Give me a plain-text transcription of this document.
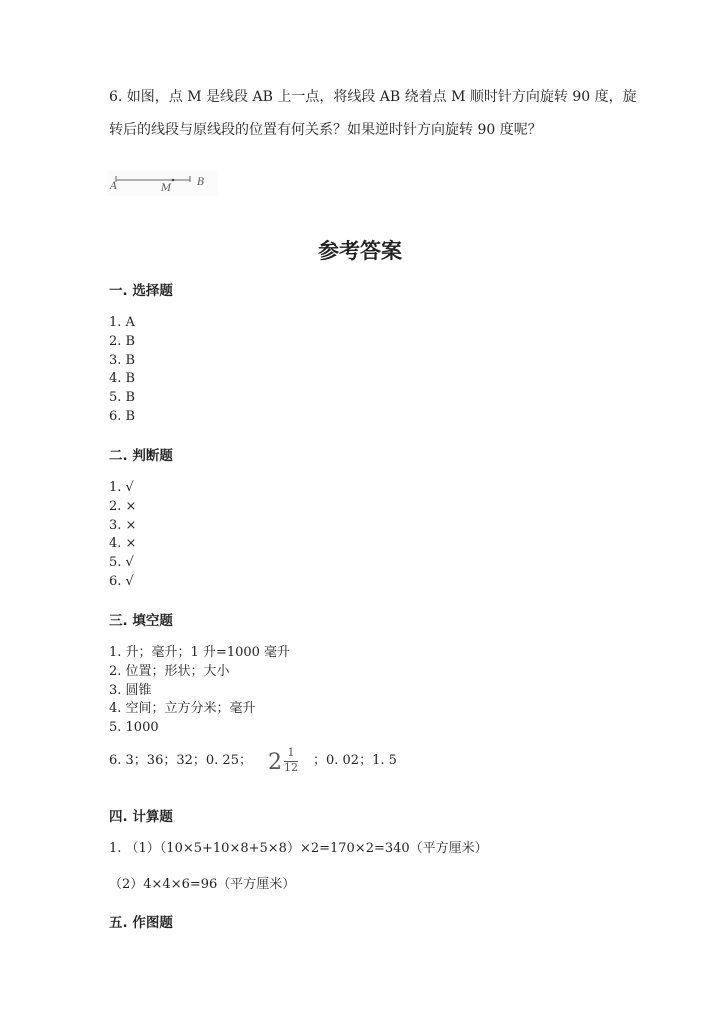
6. 如图，点 M 是线段 AB 上一点，将线段 AB 绕着点 M 顺时针方向旋转 90 度，旋
转后的线段与原线段的位置有何关系？如果逆时针方向旋转 90 度呢？
A	M
B
参考答案
一. 选择题
1. A
2. B
3. B
4. B
5. B
6. B
二. 判断题
1. √
2. ×
3. ×
4. ×
5. √
6. √
三. 填空题
1. 升；毫升；1 升=1000 毫升
2. 位置；形状；大小
3. 圆锥
4. 空间；立方分米；毫升
5. 1000
6. 3；36；32；0. 25； 2 1
12 ；0. 02；1. 5
四. 计算题
1. （1）（10×5+10×8+5×8）×2=170×2=340（平方厘米）
（2）4×4×6=96（平方厘米）
五. 作图题
